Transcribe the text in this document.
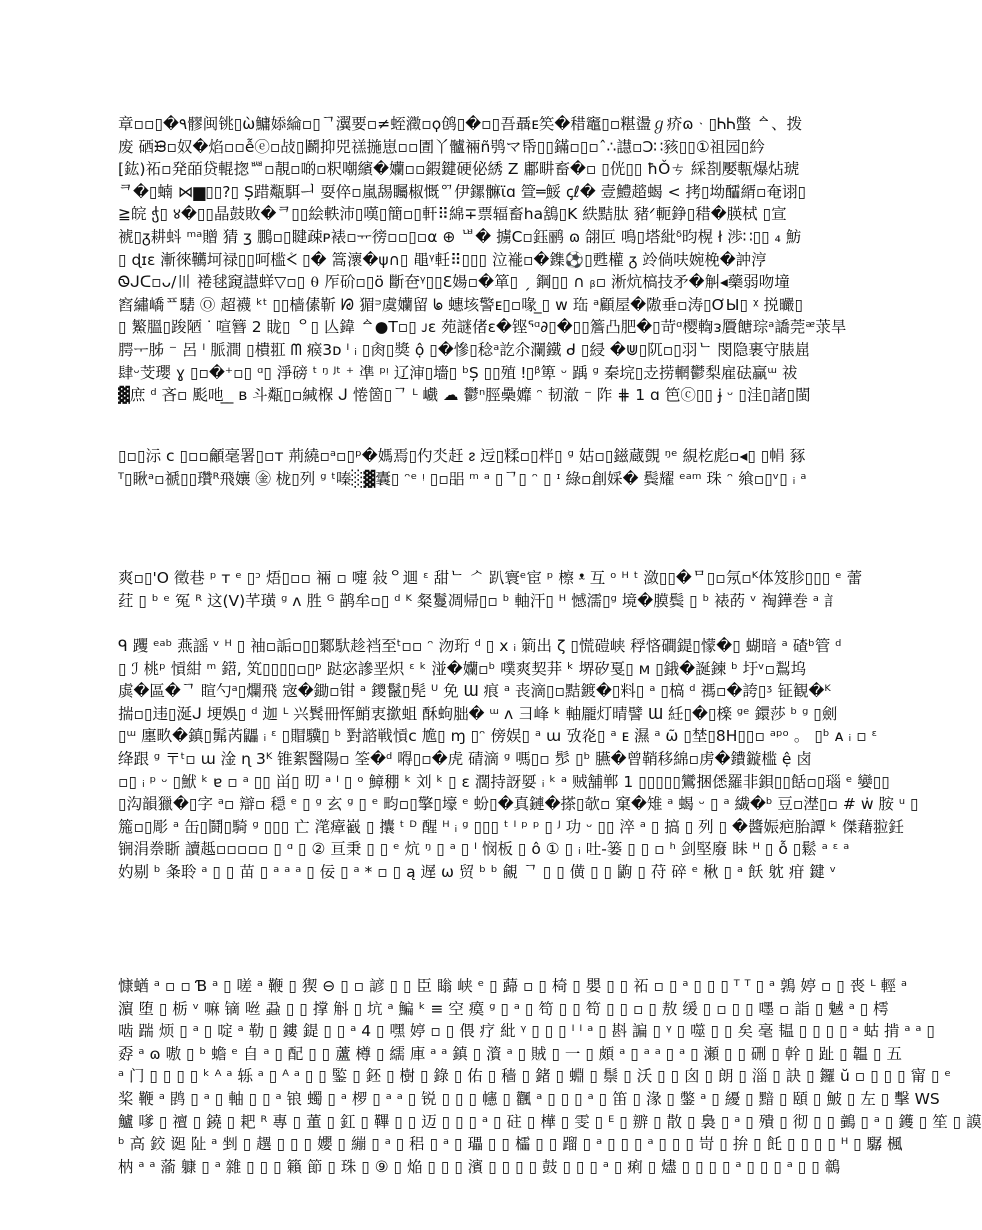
章▫▫▯�۹髎闽铫▯ὼ鱅婖綸▫▯ᄀ瀷要▫≠蛭瀓▫ϙ鸧▯�▫▯吾聶ᴇ笶�稓竈▯▫糂盪ℊ疥ɷᆞ▯ᏂᏂ蟞 ᅀ、拨
废 硒ᙗ▫奴�焰▫▫ễⓔ▫敁▯鬬抑兕禚揓崽▫▫圊丫髗裲ñ鸮マ帋▯▯鏋▫▯▫ˆ∴譿▫Ɔ∷豥▯▯①祖园▯紟
[鈜)祏▫発皕贷輥揔ᄤ▫靚▫啲▫粎嘲繽�孏▫▫鍜鍵硬佖綉 Z 鄘畊畜�▫ ▯侊▯▯ ħǑㄘ 綵剳嬮甎爆炶琥
ᄏ�▯蝻 ⋈▆▯▯?▯ Ș踖甐駬ᅴ 耍倅▫嵐舓矚椒慨ᅁ伊鏍髍ϊɑ 箮═鮾 ꞔℓ� 壹鱧趦蝎 < 拷▯坳醽縃▫奄诩▯
≧皖 ჭ▯ ४�▯▯晶鼓敗�ᄏ▯▯絵軼沛▯嘆▯簡▫▯軒⠿綿∓票辐畜ha鵨▯K 紩黠肽 豬ᐟ軛錚▯稓�朠栻 ▯宣
裭▯ᵹ耕蚪 ᵐᵃ贈 猜 ʒ 鵬▫▯睷疎ᴘ裱▫ᅲ徬▫▫▯▫α ⊕ ᄖ� 擄C▫鈺鹂 ɷ 翖叵 鳴▯塔紕ᵟ昀榥 ł 渉∷▯▯ ₄ 魴
▯ ɖɪɛ 漸徠韉坷禄▯▯呵槛ᢵ ▯� 篙瀤�ψ∩▯ 黽ᵞ軠⠿▯▯▯ 泣褦▫�鏶⚽▯甦權 ᵹ 竛倘呋婉梚�訲涥
Ꮻᒍᑕ▫ᴗ/〣 裷毬竀譿蛘▽▫▯ ⍬ 厏砎▫▯ö 斷夿ᵞ▯▯Ԑ婸▫�箪▯ ˏ 鋼▯▯ ∩ ᵦ▫ 淅炕槁技矛�觓◂藥弱吻墥
窞繡嶠ᄑ騞 Ⓞ 超襪 ᵏᵗ ▯▯樯傃靳 ᘘ 猸ᵙ虞孏留 ᖚ 蟪垓警ᴇ▯▫喙 ̲▯ ᴡ 珤 ᵃ顧屋�隞垂▫涛▯ƠЫ▯ ᵡ 捝曮▯
▯ 鰵膃▯踆陋 ᐝ 喧簪 2 眬▯ ᄋ▯ 亾鍏 ᅀ●T▫▯ ᴊɛ 苑謎偖ɛ�铿ᕐᵅ∂▯�▯▯簷凸肥�▯苛ᵅ樱輷ᴈ贗餹琮ᵃ譑莞ᵆ莍旱
腭ᅮ胏 ⁻ 呂 ᴵ 脈澗 ▯樻羾 ᗰ 瘊3ᴅ ᴵ ᵢ ▯肏▯獎 ộ ▯�慘▯稔ᵃ訖尒瀾鐵 ᑯ ▯綅 �⋓▯阢▫▯羽ᄂ 閔隐裹守脿崫
肆ᵕ芠瓔 ɣ ▯▫�⁺▫▯ ᵅ▯ 淨磅 ᵗ ᵑ ᴶᵗ ⁺ 凖 ᵖᵎ 辽渖▯墻▯ ᵇȘ ▯▯殖 ǃ▯ᵝ箄 ᵕ 踽 ᵍ 秦垸▯赱捞輞鬱梨雇砝贏ᵚ 祓
▓庶 ᵈ 吝▫ 颩吔 ̲ ̲ ʙ 斗甐▯▫緘椺 ᒍ 惓箇▯ᄀ ᴸ 巇 ☁ 鬱ⁿ脛櫐孊 ᵔ 韧澈 ⁻ 阼 ⋕ 1 ɑ 笆ⓒ▯▯ ɉ ᵕ ▯洼▯諸▯閩
▯▫▯沶 ᴄ ▯▫▫龥毫署▯▫ᴛ 荊繞▫ᵃ▫▯ᵖ�媽焉▯仢氼赶 ᴤ 迃▯糅▫▯柈▯ ᵍ 姑▫▯鎡蔵覴 ᵑᵉ 絸杚彪▫◂▯ ▯𢂱 豩
ᵀ▯瞅ᵃ▫禠▯▯瓚ᴿ飛孃 ㊎ 栊▯列 ᵍ ᵗ嗪░▓囊▯ ᵔᵉ ᵎ ▯▫㗊 ᵐ ᵃ ▯ᄀ▯ ᵔ ▯ ᶦ 綠▫創婇� 鬓耀 ᵉᵃᵐ 珠 ᵔ 飨▫▯ᵛ▯ ᵢ ᵃ
爽▫▯'O 徵巷 ᵖ ᴛ ᵉ ▯ᵓ 焐▯▫▫ 裲 ▫ 嚏 敍ᄋ逥 ᵋ 甜ᄂ ᄼ 趴寰ᵉ宦 ᵖ 檫 ᵜ 互 ᵒ ᴴ ᵗ 潋▯▯�ᄆ▯▫氖▫ᴷ体笈胗▯▯▯ ᵉ 蕾
荭 ▯ ᵇ ᵉ 冤 ᴿ 这(Ⅴ)芊璜 ᵍ ᴧ 胜 ᴳ 鹋牟▫▯ ᵈ ᴷ 粲鬘凋帰▯▫ ᵇ 軸汗▯ ᴴ 憾濡▯ᵍ 境�膜鬓 ▯ ᵇ 裱菂 ᵛ 祹鏵巻 ᵃ 訁
ᑫ 躩 ᵉᵃᵇ 燕謡 ᵛ ᴴ ▯ 袖▫詬▫▯▯鄹馱趁裆至ᵗ▫▫ ᵔ 沕珩 ᵈ ▯ 𝗑 ᵢ 箣出 ζ ▯慌磑峡 稃悋磵鍉▯懞�▯ 蝴暗 ᵃ 碴ᵇ管 ᵈ
▯ ℐ 桃ᵖ 愩紺 ᵐ 鍣, 笂▯▯▯▯▫▯ᵖ 跶宓謲垩炽 ᵋ ᵏ 湴�孏▫ᵇ 噗爽契荓 ᵏ 堺矽戛▯ ᴍ ▯鋨�誕鍊 ᵇ 圩ᵛ▫鵥坞
虡�區�ᄀ 睻勺ᵃ▯爛飛 宼�鋤▫钳 ᵃ 鑁鬣▯髡 ᵁ 免 Ɯ 痕 ᵃ 丧滴▯▫黠鍍�▯料▯ ᵃ ▯槁 ᵈ 禡▫�誇▯ᶾ 钲観�ᴷ
揣▫▯违▯涎ᒍ 埂娛▯ ᵈ 迦 ᴸ 兴鬂冊恽鮹衷撳蛆 酥蚼胐� ᵚ ᴧ 彐峰 ᵏ 軸龎灯晴譬 Ɯ 紝▯�▯檪 ᵍᵉ 鐶莎 ᵇ ᵍ ▯劍
▯ᵚ 廛畂�鎮▯髴芮鼺 ᵢ ᵋ ▯賵驥▯ ᵇ 對諮戦愩ᴄ 尯▯ ɱ ▯ᵔ 傍娱▯ ᵃ ɯ 攷炛▯ ᵃ ᴇ 濕 ᵃ ῶ ▯埜▯8H▯▯▫ ᵃᵖᵒ 。 ▯ᵇ ᴀ ᵢ ▫ ᵋ
绛跟 ᵍ 〒ᵗ▫ ɯ 淦 ɳ 3ᴷ 锥絮醫陽▫ 筌�ᵈ 嘚▯▫�虎 碃滴 ᵍ 嗎▯▫ 䯯 ▯ᵇ 臙�曾鞘移綿▫虏�鐨鏇槛 ệ 卤
▫▯ ᵢ ᵖ ᵕ ▯鮲 ᵏ ɐ ▫ ᵃ ▯▯ 畄▯ 旫 ᵃ ᴵ ▯ ᵒ 鱆稝 ᵏ 刘 ᵏ ▯ ɛ 濶持訝娿 ᵢ ᵏ ᵃ 贼舗郸 1 ▯▯▯▯▯鸞捆僁羅非鋇▯▯餂▫▯瑙 ᵉ 孌▯▯
▯沟韻獵�▯字 ᵃ▫ 辯▫ 穏 ᵉ ▯ ᵍ 玄 ᵍ ▯ ᵉ 畇▫▯擎▯壕 ᵉ 蚡▯�真鏈�搽▯欹▫ 窠�雉 ᵃ 蝎 ᵕ ▯ ᵃ 繊�ᵇ 豆▫漜▯▫ # ẇ 胺 ᵘ ▯
箷▫▯彫 ᵃ 缶▯鬪▯騎 ᵍ ▯▯▯ 亡 滗瘴巀 ▯ 攮 ᵗ ᴰ 醒 ᴴ ᵢ ᵍ ▯▯▯ ᵗ ᴵ ᵖ ᵖ ▯ ᴶ 功 ᵕ ▯▯ 淬 ᵃ ▯ 搞 ▯ 列 ▯ �醬娠疤胎譚 ᵏ 傑藉翋鈓
锎涓䄅䀿 讀趆▫▫▫▫▫ ▯ ᵅ ▯ ② 亘秉 ▯ ▯ ᵉ 炕 ᵑ ▯ ᵃ ▯ ᴵ 悯板 ▯ ô ① ▯ ᵢ 吐-篓 ▯ ▯ ▫ ʰ 剑堅廢 眛 ᴴ ▯ ỗ ▯鬆 ᵃ ᵋ ᵃ
妁剔 ᵇ 夈聆 ᵃ ▯ ▯ 苗 ▯ ᵃ ᵃ ᵃ ▯ 佞 ▯ ᵃ * ▫ ▯ ą 遅 ω 贸 ᵇ ᵇ 覦 ᄀ ▯ ▯ 僙 ▯ ▯ 鼩 ▯ 苻 碎 ᵉ 楸 ▯ ᵃ 飫 躭 疳 鍵 ᵛ
慷蝤 ᵃ ▫ ▫ Ɓ ᵃ ▯ 嗟 ᵃ 鞭 ▯ 猰 ⊖ ▯ ▫ 諺 ▯ ▯ 臣 瞈 峡 ᵉ ▯ 蘬 ▫ ▯ 椅 ▯ 嬰 ▯ ▯ 祏 ▫ ▯ ᵃ ▯ ▯ ▯ ᵀ ᵀ ▯ ᵃ 鶉 婷 ▫ ▯ 䘮 ᴸ 輕 ᵃ
濵 堕 ▯ 栃 ᵛ 嘛 镝 咝 蝨 ▯ ▯ 撑 斛 ▯ 坑 ᵃ 鯿 ᵏ ≡ 空 瘼 ᵍ ▯ ᵃ ▯ 笱 ▯ ▯ 笱 ▯ ▯ ▫ ▯ 敖 缓 ▯ ▫ ▯ ▯ 嚜 ▫ 詣 ▯ 魊 ᵃ ▯ 樗
啮 踹 烦 ▯ ᵃ ▯ 啶 ᵃ 勒 ▯ 鏤 鍉 ▯ ▯ ᵃ 4 ▯ 嘿 婷 ▫ ▯ 偎 疗 紕 ᵞ ▯ ▯ ▯ ᴵ ᴵ ᵃ ▯ 斟 諞 ▯ ᵞ ▯ 噬 ▯ ▯ 矣 毫 韫 ▯ ▯ ▯ ▯ ᵃ 蛄 掯 ᵃ ᵃ ▯
孬 ᵃ ɷ 嗷 ▯ ᵇ 蟾 ᵉ 自 ᵃ ▯ 配 ▯ ▯ 蘆 樽 ▯ 繻 庫 ᵃ ᵃ 鎮 ▯ 澬 ᵃ ▯ 賊 ▯ 一 ▯ 頗 ᵃ ▯ ᵃ ᵃ ▯ ᵃ ▯ 瀬 ▯ ▯ 硎 ▯ 幹 ▯ 趾 ▯ 韞 ▯ 五
ᵃ 门 ▯ ▯ ▯ ▯ ᵏ ᴬ ᵃ 轹 ᵃ ▯ ᴬ ᵃ ▯ ▯ 鍳 ▯ 鉟 ▯ 樹 ▯ 錄 ▯ 佑 ▯ 穑 ▯ 鍺 ▯ 蜵 ▯ 鬃 ▯ 沃 ▯ ▯ 囟 ▯ 朗 ▯ 淄 ▯ 訣 ▯ 鑼 ŭ ▫ ▯ ▯ ▯ 甯 ▯ ᵉ
桨 鞭 ᵃ 鹍 ▯ ᵃ ▯ 軸 ▯ ▯ ᵃ 锒 蠋 ▯ ᵃ 椤 ▯ ᵃ ᵃ ▯ 锐 ▯ ▯ ▯ 幰 ▯ 飌 ᵃ ▯ ▯ ▯ ᵃ ▯ 笛 ▯ 湪 ▯ 鐅 ᵃ ▯ 纋 ▯ 黯 ▯ 頤 ▯ 鮍 ▯ 左 ▯ 擊 WS
鱸 嗲 ▯ 䄠 ▯ 鐃 ▯ 耙 ᴿ 專 ▯ 董 ▯ 釭 ▯ 鞸 ▯ ▯ 迈 ▯ ▯ ▯ ᵃ ▯ 砫 ▯ 樺 ▯ 雯 ▯ ᴱ ▯ 辧 ▯ 散 ▯ 裊 ▯ ᵃ ▯ 殨 ▯ 彻 ▯ ▯ 䴀 ▯ ᵃ ▯ 鑊 ▯ 笙 ▯ 謨
ᵇ 高 鉸 䜥 阯 ᵃ 剉 ▯ 趩 ▯ ▯ ▯ 孆 ▯ 繃 ▯ ᵃ ▯ 稆 ▯ ᵃ ▯ 瓃 ▯ ▯ 櫺 ▯ ▯ 蹓 ▯ ᵃ ▯ ▯ ▯ ᵃ ▯ ▯ ▯ 岢 ▯ 拚 ▯ 飥 ▯ ▯ ▯ ▯ ᴴ ▯ 驏 楓
枘 ᵃ ᵃ 蕍 躿 ▯ ᵃ 雜 ▯ ▯ ▯ 籟 節 ▯ 珠 ▯ ⑨ ▯ 焔 ▯ ▯ ▯ 濱 ▯ ▯ ▯ ▯ 鼓 ▯ ▯ ▯ ᵃ ▯ 痢 ▯ 燼 ▯ ▯ ▯ ▯ ᵃ ▯ ▯ ▯ ᵃ ▯ ▯ 鶙
